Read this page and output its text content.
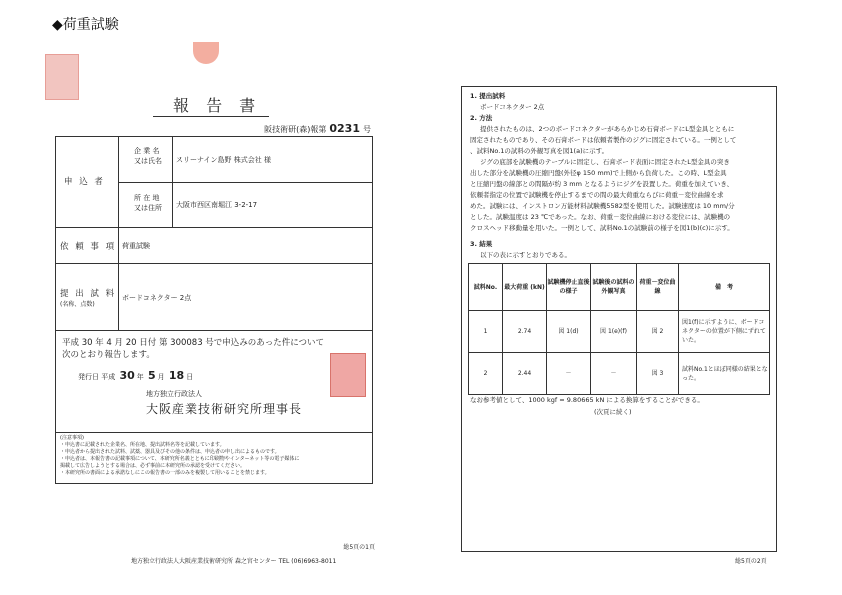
◆荷重試験
報 告 書
阪技術研(森)報第 0231 号
申 込 者
企 業 名
又は氏名 スリーナイン島野 株式会社 様
所 在 地
又は住所 大阪市西区南堀江 3-2-17
依 頼 事 項 荷重試験
提 出 試 料
(名称、点数)
ボードコネクター 2点
平成 30 年 4 月 20 日付 第 300083 号で申込みのあった件について
次のとおり報告します。
発行日 平成 30 年 5 月 18 日
地方独立行政法人
大阪産業技術研究所理事長
(注意事項)
・申込書に記載された企業名、所在地、提出試料名等を記載しています。
・申込者から提出された試料、試薬、器具及びその他の条件は、申込者の申し出によるものです。
・申込者は、本報告書の記載事項について、本研究所名義とともに印刷物やインターネット等の電子媒体に
掲載して広告しようとする場合は、必ず事前に本研究所の承認を受けてください。
・本研究所の書面による承諾なしにこの報告書の一部のみを複製して用いることを禁じます。
総5頁の1頁
地方独立行政法人大阪産業技術研究所 森之宮センター TEL (06)6963-8011
1. 提出試料
ボードコネクター 2点
2. 方法
提供されたものは、2つのボードコネクターがあらかじめ石膏ボードにL型金具とともに
固定されたものであり、その石膏ボードは依頼者製作のジグに固定されている。一例として
、試料No.1の試料の外観写真を図1(a)に示す。
ジグの底部を試験機のテーブルに固定し、石膏ボード表面に固定されたL型金具の突き
出した部分を試験機の圧縮円盤(外径φ 150 mm)で上側から負荷した。この時、L型金具
と圧縮円盤の線部との間隔が約 3 mm となるようにジグを設置した。荷重を加えていき、
依頼者指定の位置で試験機を停止するまでの間の最大荷重ならびに荷重－変位曲線を求
めた。試験には、インストロン万能材料試験機5582型を使用した。試験速度は 10 mm/分
とした。試験温度は 23 ℃であった。なお、荷重－変位曲線における変位には、試験機の
クロスヘッド移動量を用いた。一例として、試料No.1の試験前の様子を図1(b)(c)に示す。
3. 結果
以下の表に示すとおりである。
試料No.	最大荷重 (kN)	試験機停止直後の様子	試験後の試料の外観写真	荷重－変位曲線	備　考
1	2.74	図 1(d)	図 1(e)(f)	図 2	図1(f)に示すように、ボードコネクターの位置が下側にずれていた。
2	2.44	－	－	図 3	試料No.1とほぼ同様の結果となった。
なお参考値として、1000 kgf = 9.80665 kN による換算をすることができる。
(次頁に続く)
総5頁の2頁
